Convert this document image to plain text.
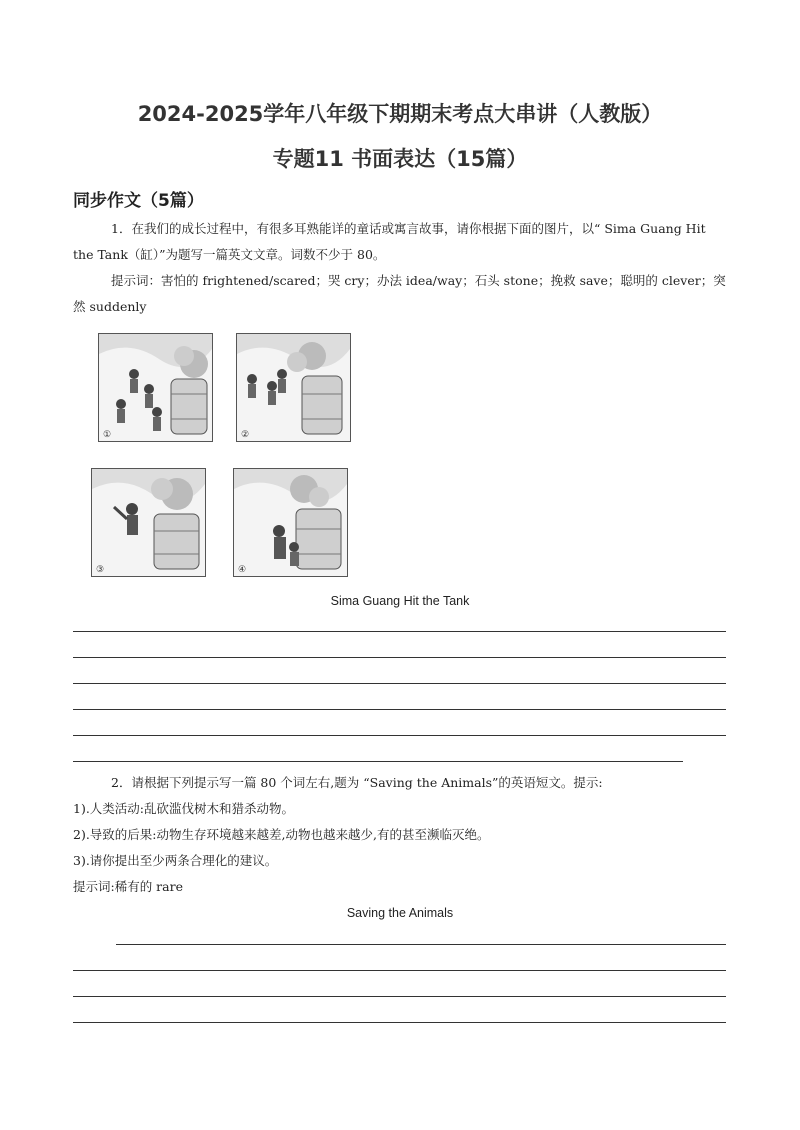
2024-2025学年八年级下期期末考点大串讲（人教版）
专题11 书面表达（15篇）
同步作文（5篇）
1．在我们的成长过程中，有很多耳熟能详的童话或寓言故事，请你根据下面的图片，以“ Sima Guang Hit the Tank（缸）”为题写一篇英文文章。词数不少于 80。
提示词：害怕的 frightened/scared；哭 cry；办法 idea/way；石头 stone；挽救 save；聪明的 clever；突然 suddenly
①	②
③	④
Sima Guang Hit the Tank
2．请根据下列提示写一篇 80 个词左右,题为 “Saving the Animals”的英语短文。提示:
1).人类活动:乱砍滥伐树木和猎杀动物。
2).导致的后果:动物生存环境越来越差,动物也越来越少,有的甚至濒临灭绝。
3).请你提出至少两条合理化的建议。
提示词:稀有的 rare
Saving the Animals
